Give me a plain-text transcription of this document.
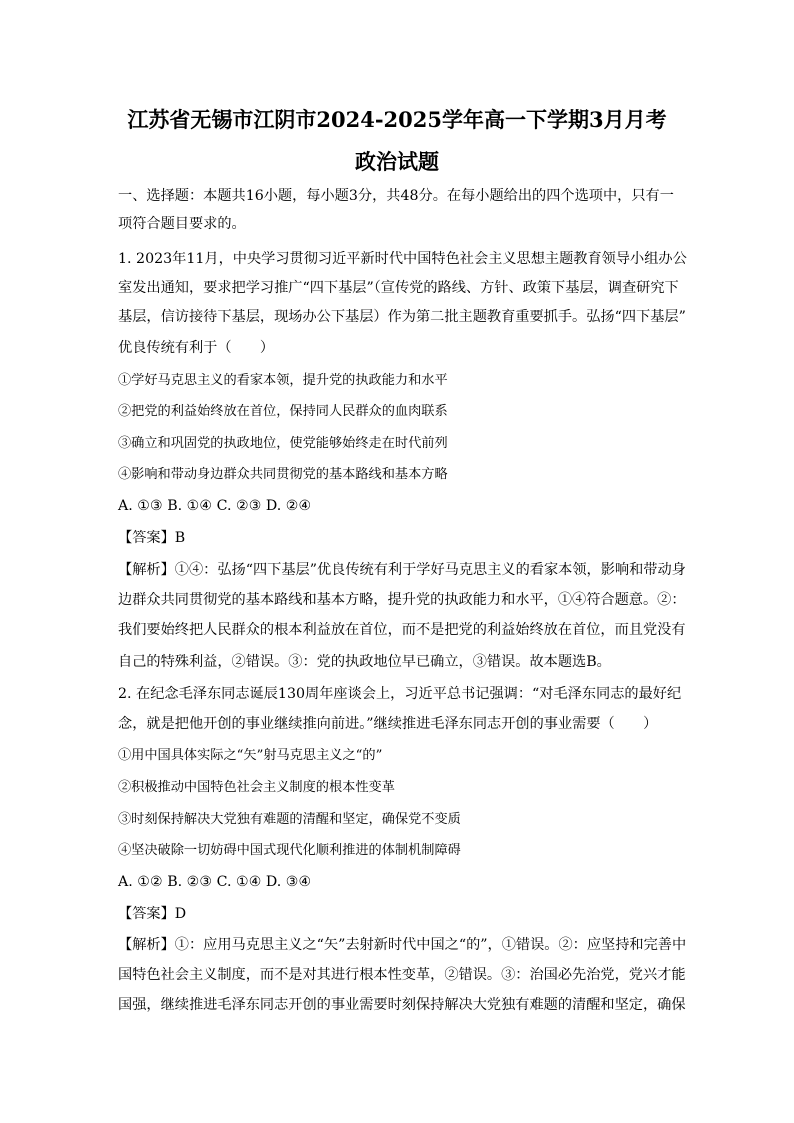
江苏省无锡市江阴市2024-2025学年高一下学期3月月考
政治试题
一、选择题：本题共16小题，每小题3分，共48分。在每小题给出的四个选项中，只有一
项符合题目要求的。
1. 2023年11月，中央学习贯彻习近平新时代中国特色社会主义思想主题教育领导小组办公
室发出通知，要求把学习推广“四下基层”（宣传党的路线、方针、政策下基层，调查研究下
基层，信访接待下基层，现场办公下基层）作为第二批主题教育重要抓手。弘扬“四下基层”
优良传统有利于（　　）
①学好马克思主义的看家本领，提升党的执政能力和水平
②把党的利益始终放在首位，保持同人民群众的血肉联系
③确立和巩固党的执政地位，使党能够始终走在时代前列
④影响和带动身边群众共同贯彻党的基本路线和基本方略
A. ①③ B. ①④ C. ②③ D. ②④
【答案】B
【解析】①④：弘扬“四下基层”优良传统有利于学好马克思主义的看家本领，影响和带动身
边群众共同贯彻党的基本路线和基本方略，提升党的执政能力和水平，①④符合题意。②：
我们要始终把人民群众的根本利益放在首位，而不是把党的利益始终放在首位，而且党没有
自己的特殊利益，②错误。③：党的执政地位早已确立，③错误。故本题选B。
2. 在纪念毛泽东同志诞辰130周年座谈会上，习近平总书记强调：“对毛泽东同志的最好纪
念，就是把他开创的事业继续推向前进。”继续推进毛泽东同志开创的事业需要（　　）
①用中国具体实际之“矢”射马克思主义之“的”
②积极推动中国特色社会主义制度的根本性变革
③时刻保持解决大党独有难题的清醒和坚定，确保党不变质
④坚决破除一切妨碍中国式现代化顺利推进的体制机制障碍
A. ①② B. ②③ C. ①④ D. ③④
【答案】D
【解析】①：应用马克思主义之“矢”去射新时代中国之“的”，①错误。②：应坚持和完善中
国特色社会主义制度，而不是对其进行根本性变革，②错误。③：治国必先治党，党兴才能
国强，继续推进毛泽东同志开创的事业需要时刻保持解决大党独有难题的清醒和坚定，确保
